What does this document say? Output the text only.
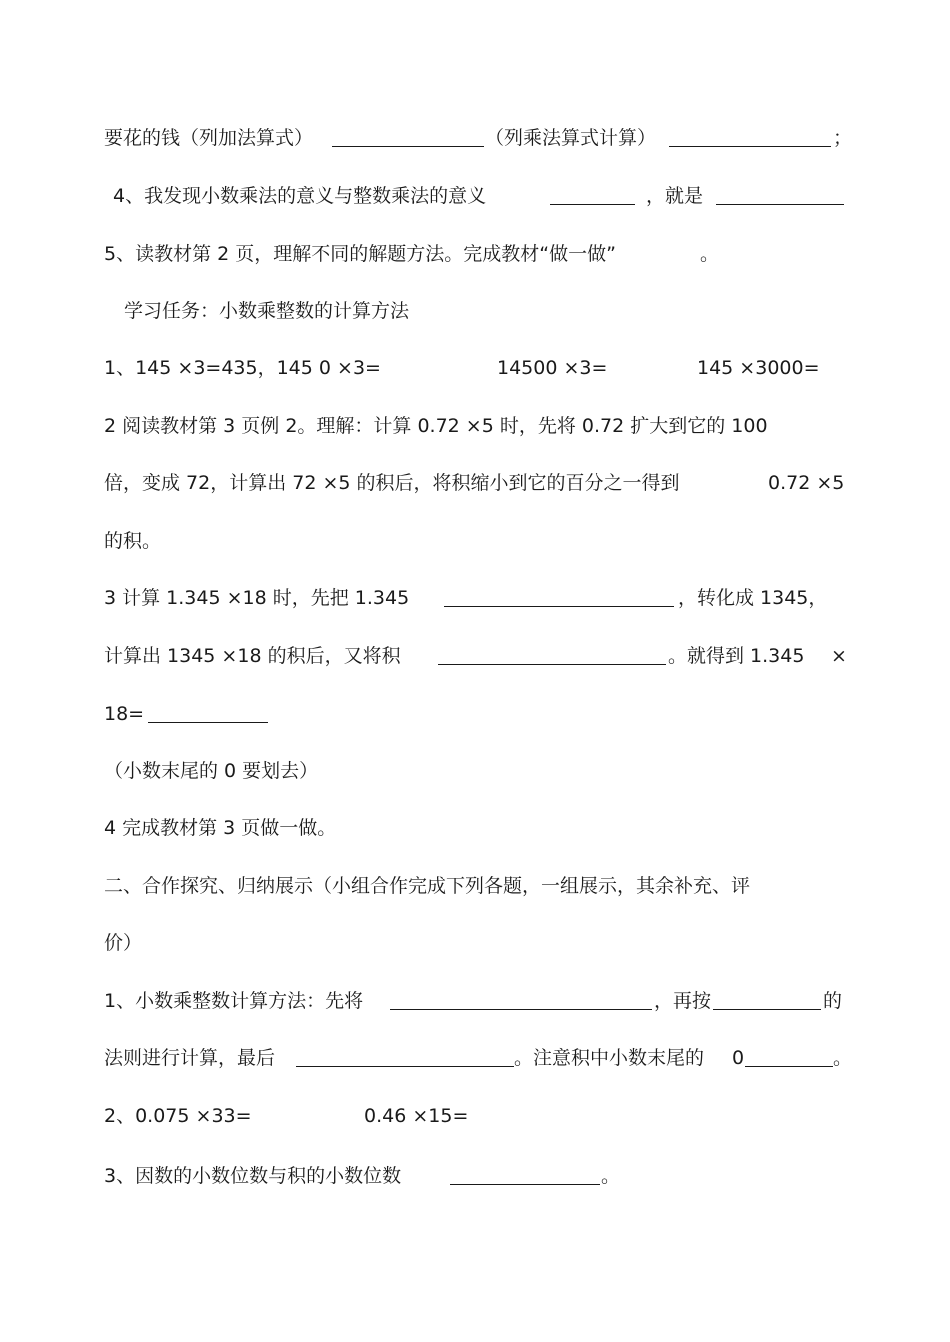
要花的钱（列加法算式）	（列乘法算式计算）	；
4、我发现小数乘法的意义与整数乘法的意义	，就是
5、读教材第 2 页，理解不同的解题方法。完成教材“做一做”	。
学习任务：小数乘整数的计算方法
1、145 ×3=435，145 0 ×3=	14500 ×3=	145 ×3000=
2 阅读教材第 3 页例 2。理解：计算 0.72 ×5 时，先将 0.72 扩大到它的 100
倍，变成 72，计算出 72 ×5 的积后，将积缩小到它的百分之一得到	0.72 ×5
的积。
3 计算 1.345 ×18 时，先把 1.345	，转化成 1345，
计算出 1345 ×18 的积后，又将积	。就得到 1.345 ×
18=
（小数末尾的 0 要划去）
4 完成教材第 3 页做一做。
二、合作探究、归纳展示（小组合作完成下列各题，一组展示，其余补充、评
价）
1、小数乘整数计算方法：先将	，再按	的
法则进行计算，最后	。注意积中小数末尾的 0	。
2、0.075 ×33=	0.46 ×15=
3、因数的小数位数与积的小数位数	。
